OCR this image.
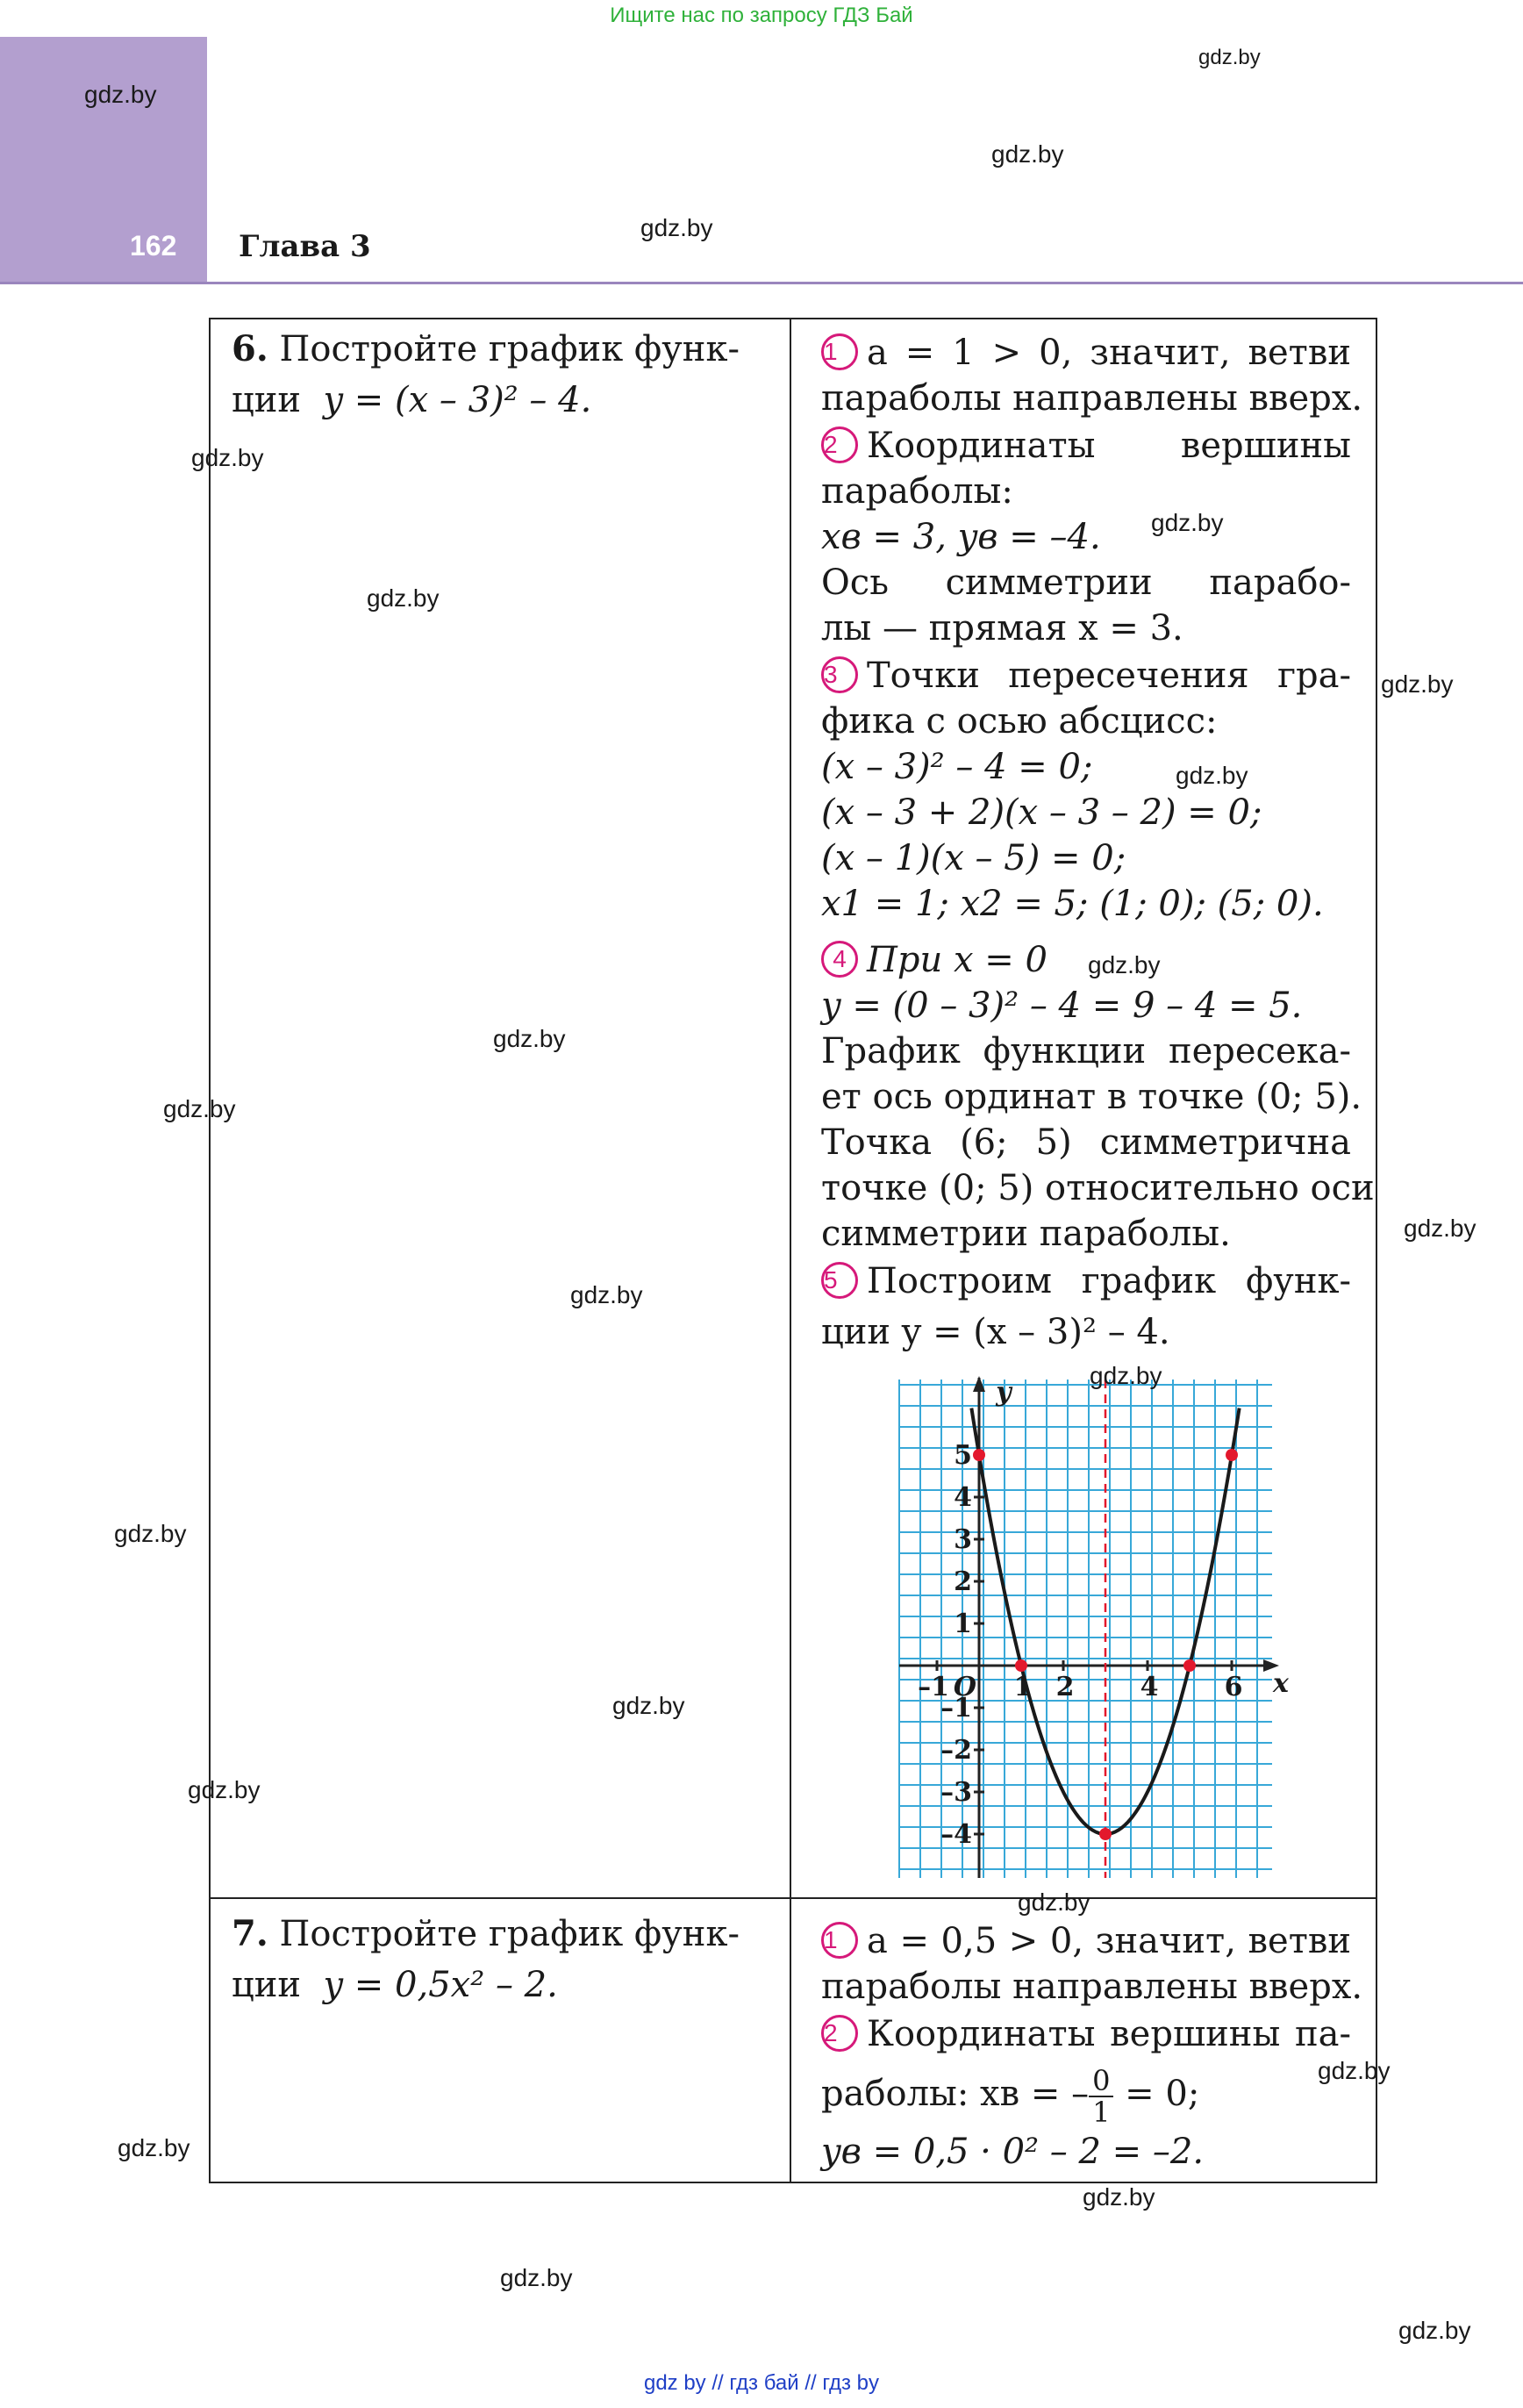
Ищите нас по запросу ГДЗ Бай
162 Глава 3
6. Постройте график функ-
ции y = (x – 3)² – 4.
1 a = 1 > 0, значит, ветви
параболы направлены вверх.
2 Координаты вершины
параболы:
xв = 3, yв = –4.
Ось симметрии парабо-
лы — прямая x = 3.
3 Точки пересечения гра-
фика с осью абсцисс:
(x – 3)² – 4 = 0;
(x – 3 + 2)(x – 3 – 2) = 0;
(x – 1)(x – 5) = 0;
x1 = 1; x2 = 5; (1; 0); (5; 0).
4 При x = 0
y = (0 – 3)² – 4 = 9 – 4 = 5.
График функции пересека-
ет ось ординат в точке (0; 5).
Точка (6; 5) симметрична
точке (0; 5) относительно оси
симметрии параболы.
5 Построим график функ-
ции y = (x – 3)² – 4.
–1 1 2	4	6
5
4
3
2
1
–1
–2
–3
–4
O	x
y
7. Постройте график функ-
ции y = 0,5x² – 2.
1 a = 0,5 > 0, значит, ветви
параболы направлены вверх.
2 Координаты вершины па-
раболы: xв = – $\frac{0}{1} = 0$;
yв = 0,5 · 0² – 2 = –2.
gdz.by
gdz.by
gdz.by
gdz.by
gdz.by
gdz.by
gdz.by
gdz.by
gdz.by
gdz.by
gdz.by
gdz.by
gdz.by
gdz.by
gdz.by
gdz.by
gdz.by
gdz.by
gdz.by
gdz.by
gdz.by
gdz.by
gdz.by
gdz.by
gdz by // гдз бай // гдз by
